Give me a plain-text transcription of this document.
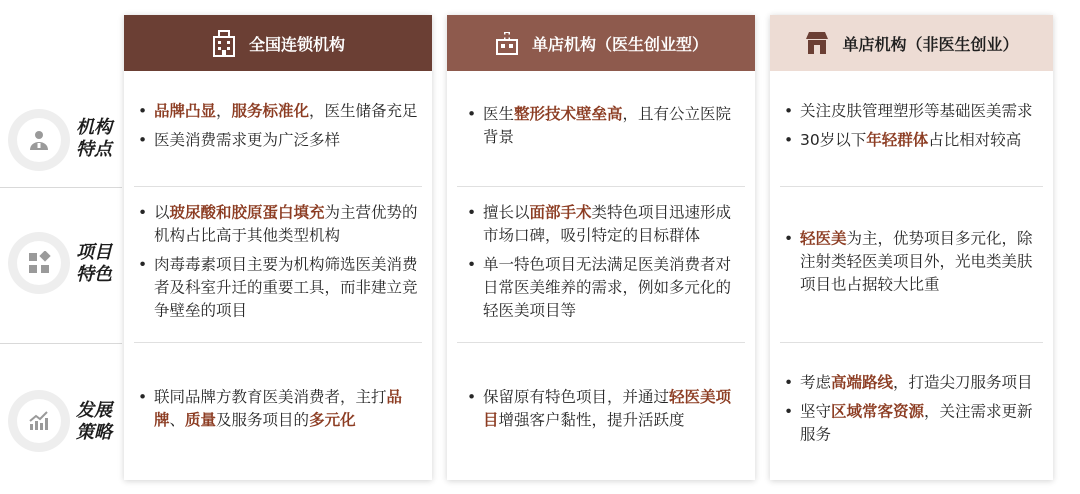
机构
特点
项目
特色
发展
策略
全国连锁机构
• 品牌凸显，服务标准化，医生储备充足
• 医美消费需求更为广泛多样
• 以玻尿酸和胶原蛋白填充为主营优势的机构占比高于其他类型机构
• 肉毒毒素项目主要为机构筛选医美消费者及科室升迁的重要工具，而非建立竞争壁垒的项目
• 联同品牌方教育医美消费者，主打品牌、质量及服务项目的多元化
单店机构（医生创业型）
• 医生整形技术壁垒高，且有公立医院背景
• 擅长以面部手术类特色项目迅速形成市场口碑，吸引特定的目标群体
• 单一特色项目无法满足医美消费者对日常医美维养的需求，例如多元化的轻医美项目等
• 保留原有特色项目，并通过轻医美项目增强客户黏性，提升活跃度
单店机构（非医生创业）
• 关注皮肤管理塑形等基础医美需求
• 30岁以下年轻群体占比相对较高
• 轻医美为主，优势项目多元化，除注射类轻医美项目外，光电类美肤项目也占据较大比重
• 考虑高端路线，打造尖刀服务项目
• 坚守区域常客资源，关注需求更新服务
